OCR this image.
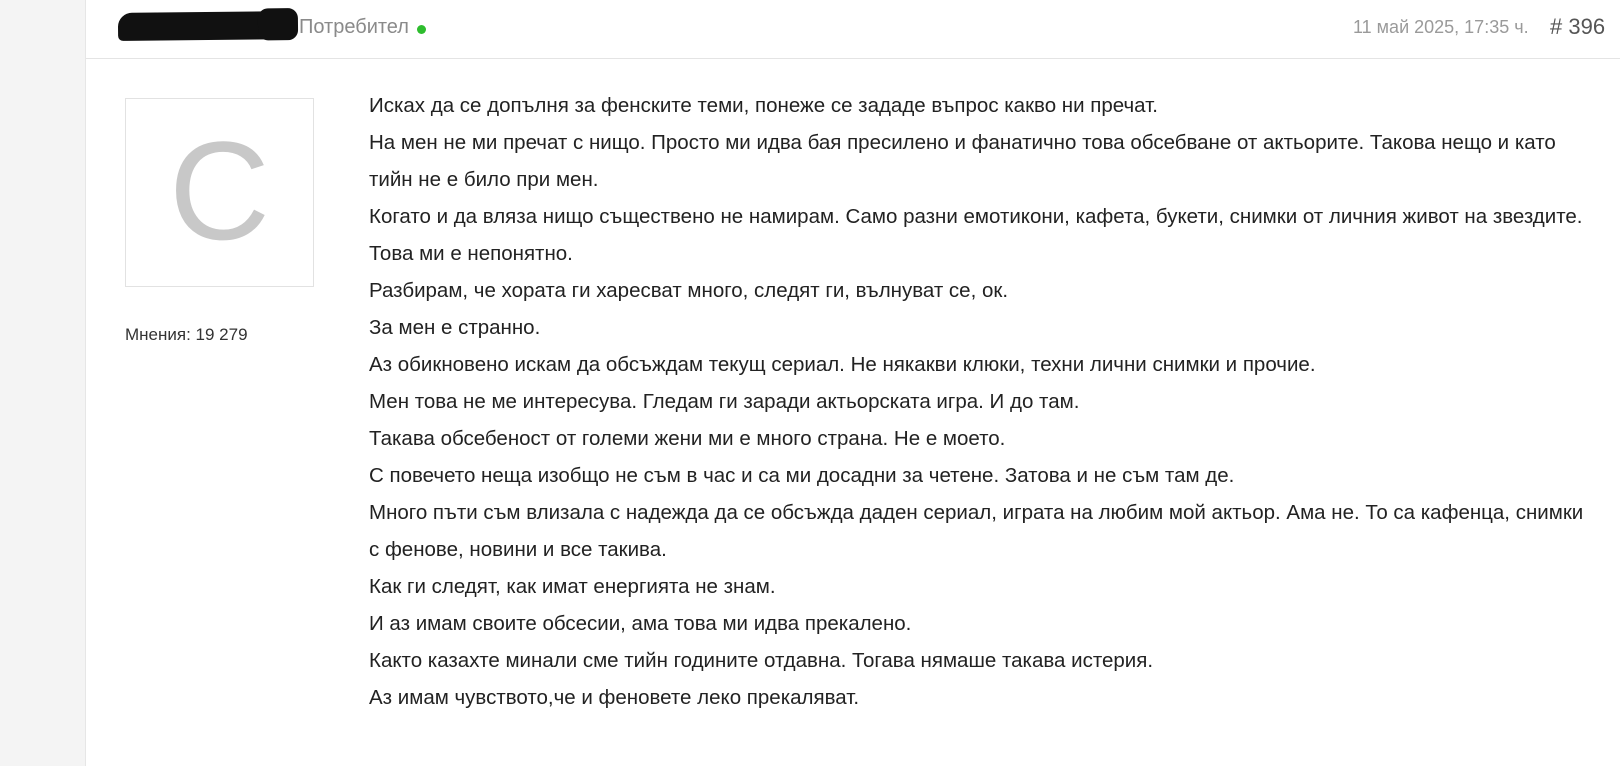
Потребител	11 май 2025, 17:35 ч. # 396
С
Мнения: 19 279

Исках да се допълня за фенските теми, понеже се зададе въпрос какво ни пречат.

На мен не ми пречат с нищо. Просто ми идва бая пресилено и фанатично това обсебване от актьорите. Такова нещо и като тийн не е било при мен.

Когато и да вляза нищо съществено не намирам. Само разни емотикони, кафета, букети, снимки от личния живот на звездите.

Това ми е непонятно.

Разбирам, че хората ги харесват много, следят ги, вълнуват се, ок.

За мен е странно.

Аз обикновено искам да обсъждам текущ сериал. Не някакви клюки, техни лични снимки и прочие.

Мен това не ме интересува. Гледам ги заради актьорската игра. И до там.

Такава обсебеност от големи жени ми е много страна. Не е моето.

С повечето неща изобщо не съм в час и са ми досадни за четене. Затова и не съм там де.

Много пъти съм влизала с надежда да се обсъжда даден сериал, играта на любим мой актьор. Ама не. То са кафенца, снимки с фенове, новини и все такива.

Как ги следят, как имат енергията не знам.

И аз имам своите обсесии, ама това ми идва прекалено.

Както казахте минали сме тийн годините отдавна. Тогава нямаше такава истерия.

Аз имам чувството,че и феновете леко прекаляват.
